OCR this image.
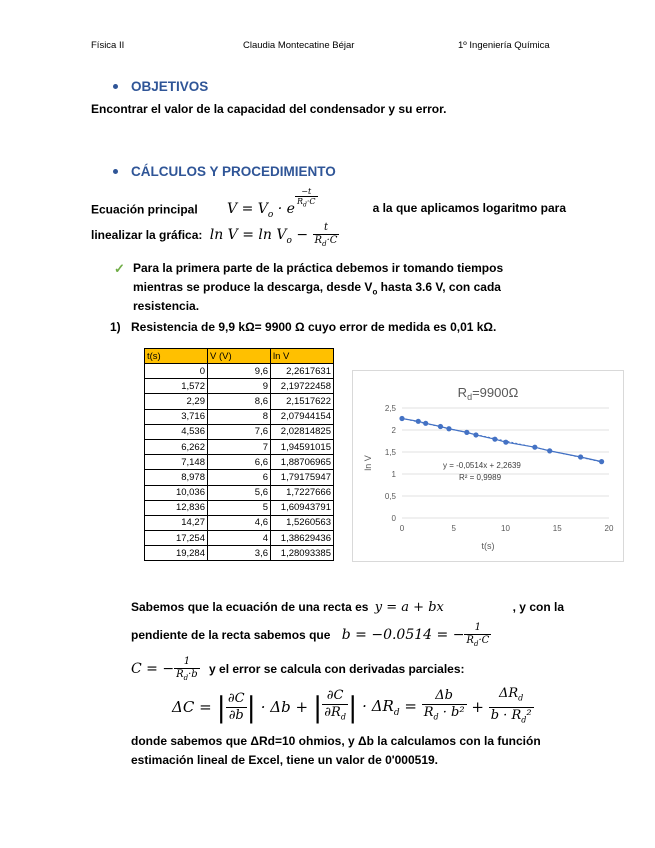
Física II	Claudia Montecatine Béjar	1º Ingeniería Química
OBJETIVOS
Encontrar el valor de la capacidad del condensador y su error.
CÁLCULOS Y PROCEDIMIENTO
Ecuación principal $V = V_o \cdot e \frac{-t}{R_d\cdot C}$	a la que aplicamos logaritmo para
linealizar la gráfica: $\ln V = \ln V_o - \frac{t}{R_d\cdot C}$
✓ Para la primera parte de la práctica debemos ir tomando tiempos
mientras se produce la descarga, desde $V_o$ hasta 3.6 V, con cada
resistencia.
1) Resistencia de 9,9 kΩ= 9900 Ω cuyo error de medida es 0,01 kΩ.
t(s)	V (V)	ln V
0	9,6	2,2617631
1,572	9	2,19722458
2,29	8,6	2,1517622
3,716	8	2,07944154
4,536	7,6	2,02814825
6,262	7	1,94591015
7,148	6,6	1,88706965
8,978	6	1,79175947
10,036	5,6	1,7227666
12,836	5	1,60943791
14,27	4,6	1,5260563
17,254	4	1,38629436
19,284	3,6	1,28093385
$R_d=9900\Omega$
0
0,5
1
1,5
2
2,5
0	5	10	15	20
t(s)
ln V	y = -0,0514x + 2,2639
R² = 0,9989
Sabemos que la ecuación de una recta es y = a + bx	, y con la
pendiente de la recta sabemos que b = −0.0514 = − $\frac{1}{R_d\cdot C}$
C = − $\frac{1}{R_d\cdot b}$ y el error se calcula con derivadas parciales:
ΔC = | $\frac{\partial C}{\partial b}$ | · Δb + | $\frac{\partial C}{\partial R_d}$ | · $\Delta R_d = \frac{\Delta b}{R_d \cdot b^2} + \frac{\Delta R_d}{b \cdot R_d^2}$
donde sabemos que ΔRd=10 ohmios, y Δb la calculamos con la función
estimación lineal de Excel, tiene un valor de 0'000519.
